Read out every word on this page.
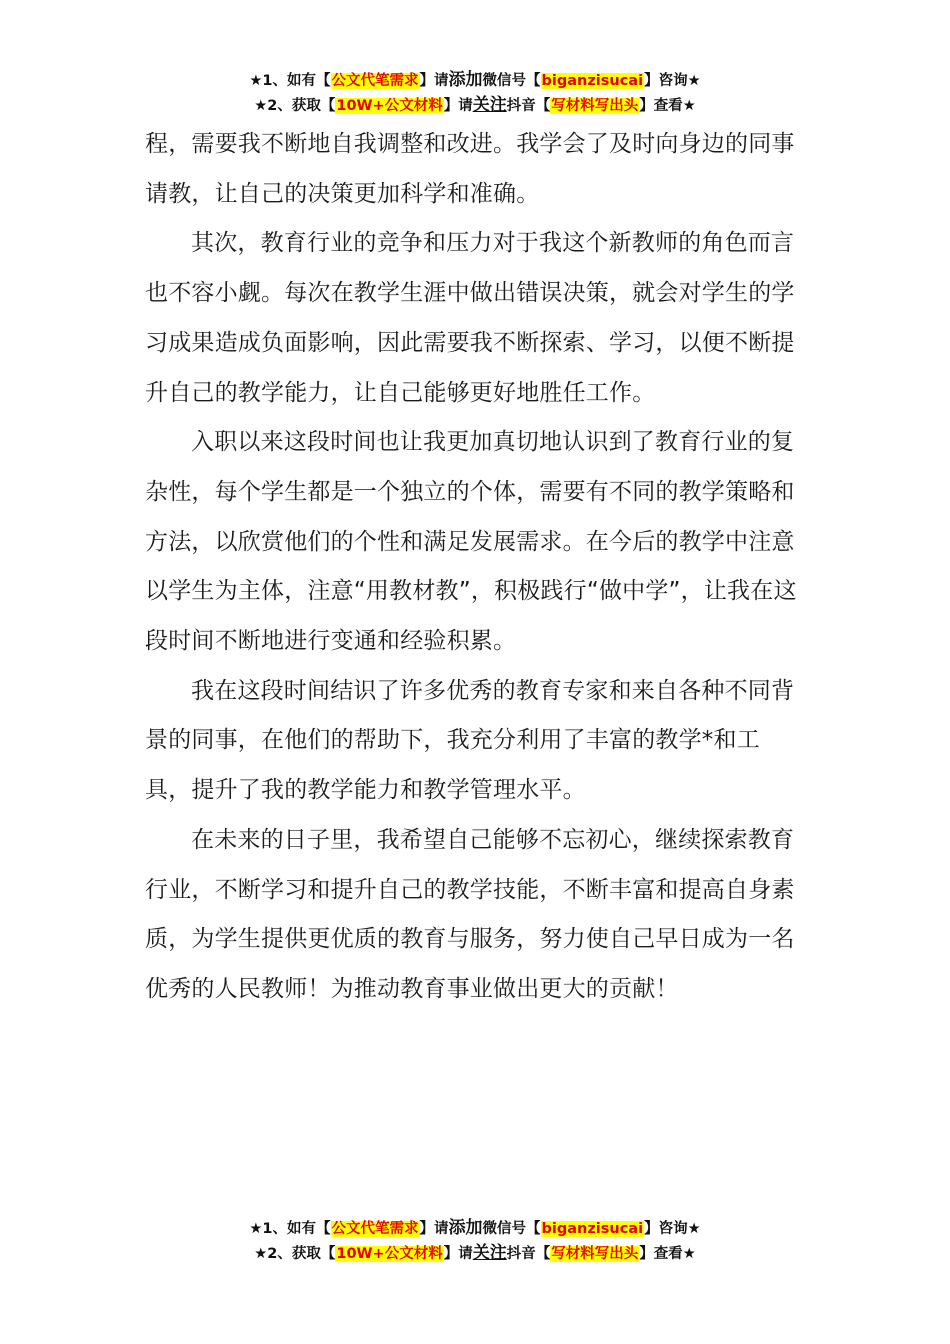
★1、如有【公文代笔需求】请添加微信号【biganzisucai】咨询★
★2、获取【10W+公文材料】请关注抖音【写材料写出头】查看★

程，需要我不断地自我调整和改进。我学会了及时向身边的同事请教，让自己的决策更加科学和准确。

其次，教育行业的竞争和压力对于我这个新教师的角色而言也不容小觑。每次在教学生涯中做出错误决策，就会对学生的学习成果造成负面影响，因此需要我不断探索、学习，以便不断提升自己的教学能力，让自己能够更好地胜任工作。

入职以来这段时间也让我更加真切地认识到了教育行业的复杂性，每个学生都是一个独立的个体，需要有不同的教学策略和方法，以欣赏他们的个性和满足发展需求。在今后的教学中注意以学生为主体，注意“用教材教”，积极践行“做中学”，让我在这段时间不断地进行变通和经验积累。

我在这段时间结识了许多优秀的教育专家和来自各种不同背景的同事，在他们的帮助下，我充分利用了丰富的教学*和工具，提升了我的教学能力和教学管理水平。

在未来的日子里，我希望自己能够不忘初心，继续探索教育行业，不断学习和提升自己的教学技能，不断丰富和提高自身素质，为学生提供更优质的教育与服务，努力使自己早日成为一名优秀的人民教师！为推动教育事业做出更大的贡献！

★1、如有【公文代笔需求】请添加微信号【biganzisucai】咨询★
★2、获取【10W+公文材料】请关注抖音【写材料写出头】查看★
